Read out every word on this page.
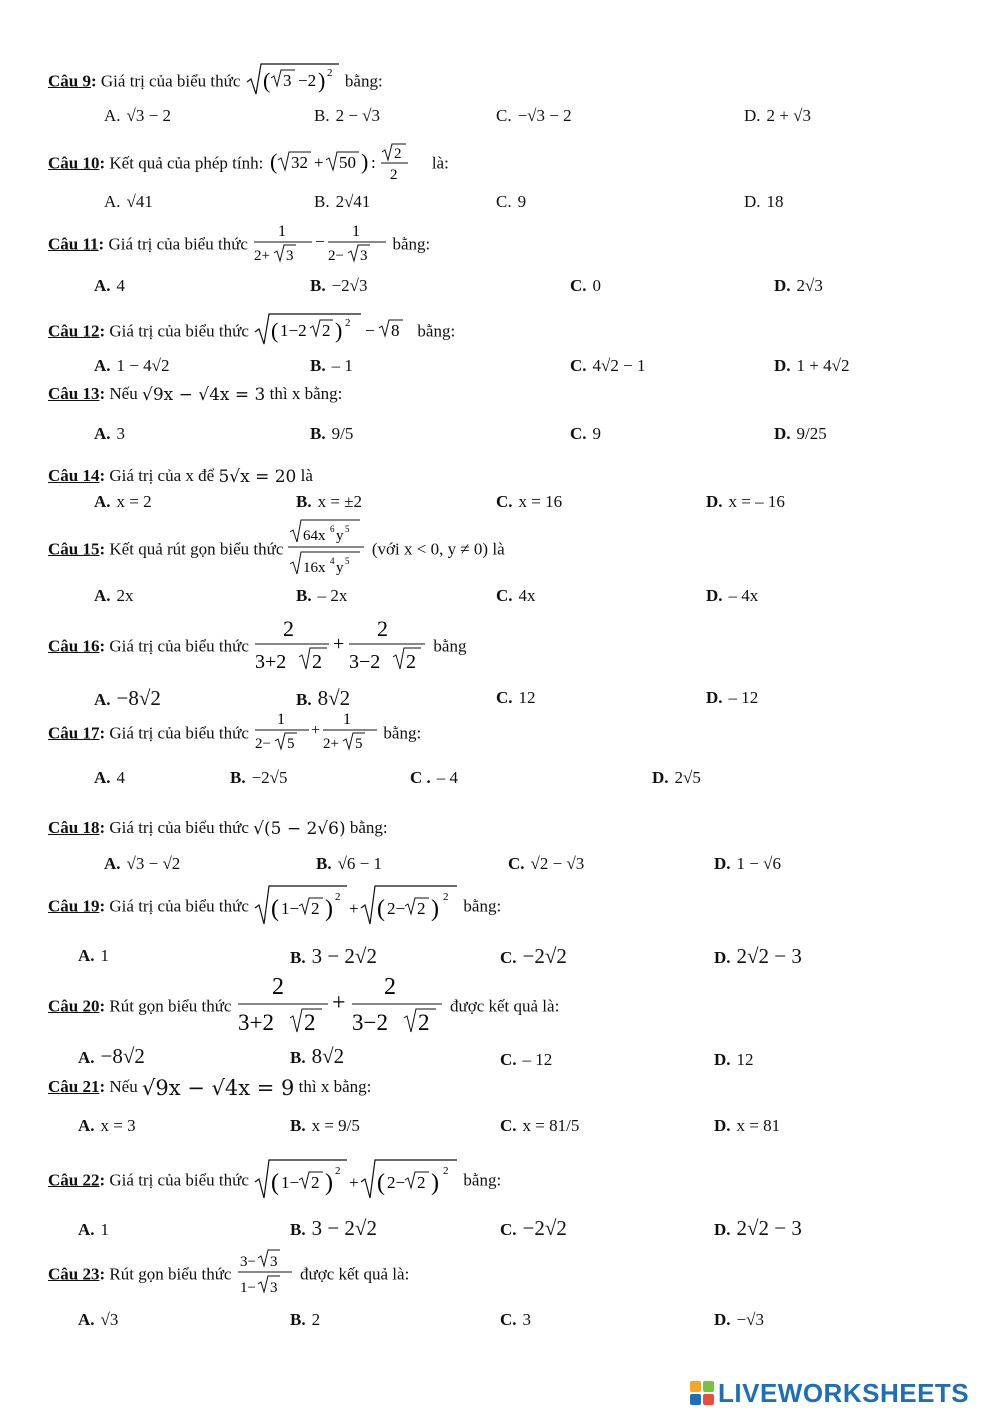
Câu 9: Giá trị của biểu thức ( 3 −2 ) 2 bằng:
A. √3 − 2	B. 2 − √3	C. −√3 − 2	D. 2 + √3
Câu 10: Kết quả của phép tính: ( 32 + 50 ) : 2
2
là:
A. √41	B. 2√41	C. 9	D. 18
Câu 11: Giá trị của biểu thức
1
2+ 3
−
1
2− 3
bằng:
A. 4	B. −2√3	C. 0	D. 2√3
Câu 12: Giá trị của biểu thức ( 1−2 2 ) 2 − 8 bằng:
A. 1 − 4√2	B. – 1	C. 4√2 − 1	D. 1 + 4√2
Câu 13: Nếu √9x − √4x = 3 thì x bằng:
A. 3	B. 9/5	C. 9	D. 9/25
Câu 14: Giá trị của x để 5√x = 20 là
A. x = 2	B. x = ±2	C. x = 16	D. x = – 16
Câu 15: Kết quả rút gọn biểu thức
64x 6 y 5
16x 4 y 5
(với x < 0, y ≠ 0) là
A. 2x	B. – 2x	C. 4x	D. – 4x
Câu 16: Giá trị của biểu thức
2
3+2 2
+
2
3−2 2
bằng
A. −8√2	B. 8√2	C. 12	D. – 12
Câu 17: Giá trị của biểu thức
1
2− 5
+
1
2+ 5
bằng:
A. 4	B. −2√5	C . – 4	D. 2√5
Câu 18: Giá trị của biểu thức √(5 − 2√6) bằng:
A. √3 − √2	B. √6 − 1	C. √2 − √3	D. 1 − √6
Câu 19: Giá trị của biểu thức ( 1− 2 ) 2
+ ( 2− 2 ) 2 bằng:
A. 1	B. 3 − 2√2	C. −2√2	D. 2√2 − 3
Câu 20: Rút gọn biểu thức
2
3+2 2
+
2
3−2 2
được kết quả là:
A. −8√2	B. 8√2	C. – 12	D. 12
Câu 21: Nếu √9x − √4x = 9 thì x bằng:
A. x = 3	B. x = 9/5	C. x = 81/5	D. x = 81
Câu 22: Giá trị của biểu thức ( 1− 2 ) 2
+ ( 2− 2 ) 2 bằng:
A. 1	B. 3 − 2√2	C. −2√2	D. 2√2 − 3
Câu 23: Rút gọn biểu thức
3− 3
1− 3
được kết quả là:
A. √3	B. 2	C. 3	D. −√3
LIVEWORKSHEETS
